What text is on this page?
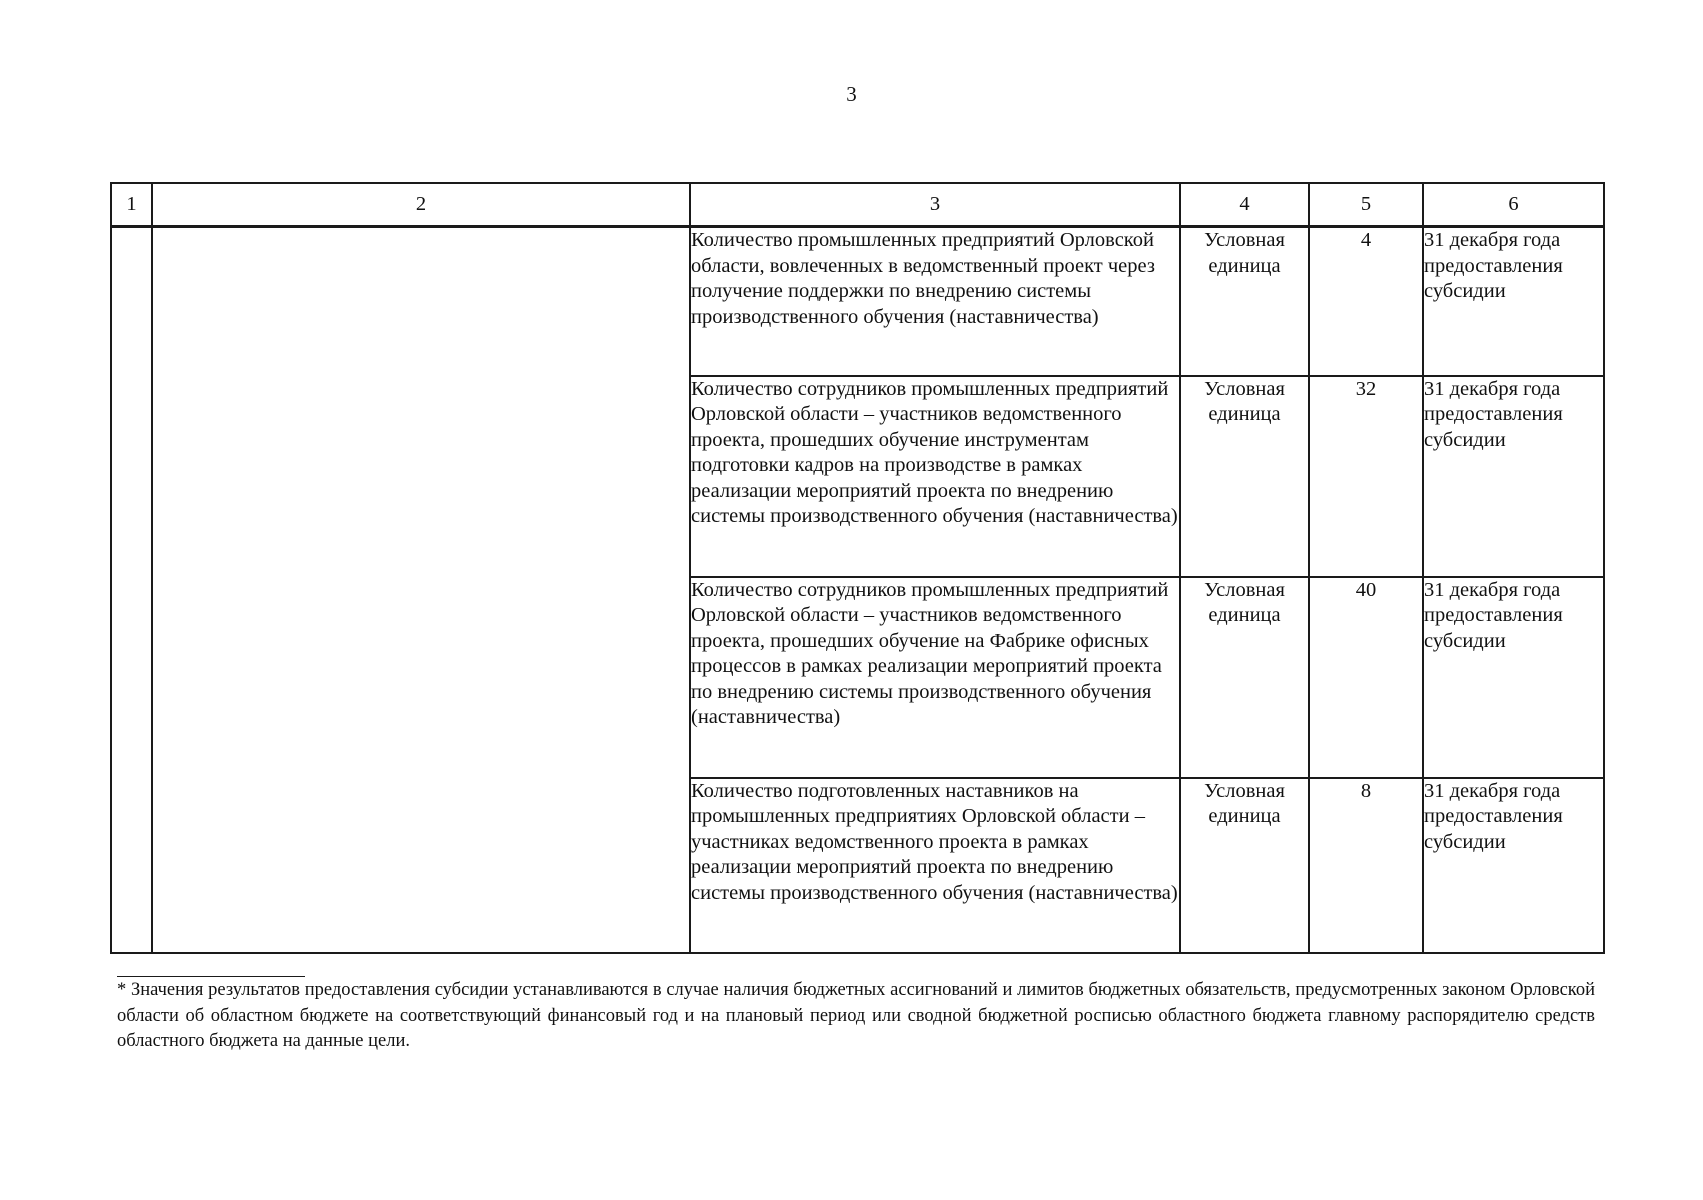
3
1	2	3	4	5	6
		Количество промышленных предприятий Орловской области, вовлеченных в ведомственный проект через получение поддержки по внедрению системы производственного обучения (наставничества)	Условная единица	4	31 декабря года предоставления субсидии
		Количество сотрудников промышленных предприятий Орловской области – участников ведомственного проекта, прошедших обучение инструментам подготовки кадров на производстве в рамках реализации мероприятий проекта по внедрению системы производственного обучения (наставничества)	Условная единица	32	31 декабря года предоставления субсидии
		Количество сотрудников промышленных предприятий Орловской области – участников ведомственного проекта, прошедших обучение на Фабрике офисных процессов в рамках реализации мероприятий проекта по внедрению системы производственного обучения (наставничества)	Условная единица	40	31 декабря года предоставления субсидии
		Количество подготовленных наставников на промышленных предприятиях Орловской области – участниках ведомственного проекта в рамках реализации мероприятий проекта по внедрению системы производственного обучения (наставничества)	Условная единица	8	31 декабря года предоставления субсидии
* Значения результатов предоставления субсидии устанавливаются в случае наличия бюджетных ассигнований и лимитов бюджетных обязательств, предусмотренных законом Орловской области об областном бюджете на соответствующий финансовый год и на плановый период или сводной бюджетной росписью областного бюджета главному распорядителю средств областного бюджета на данные цели.
